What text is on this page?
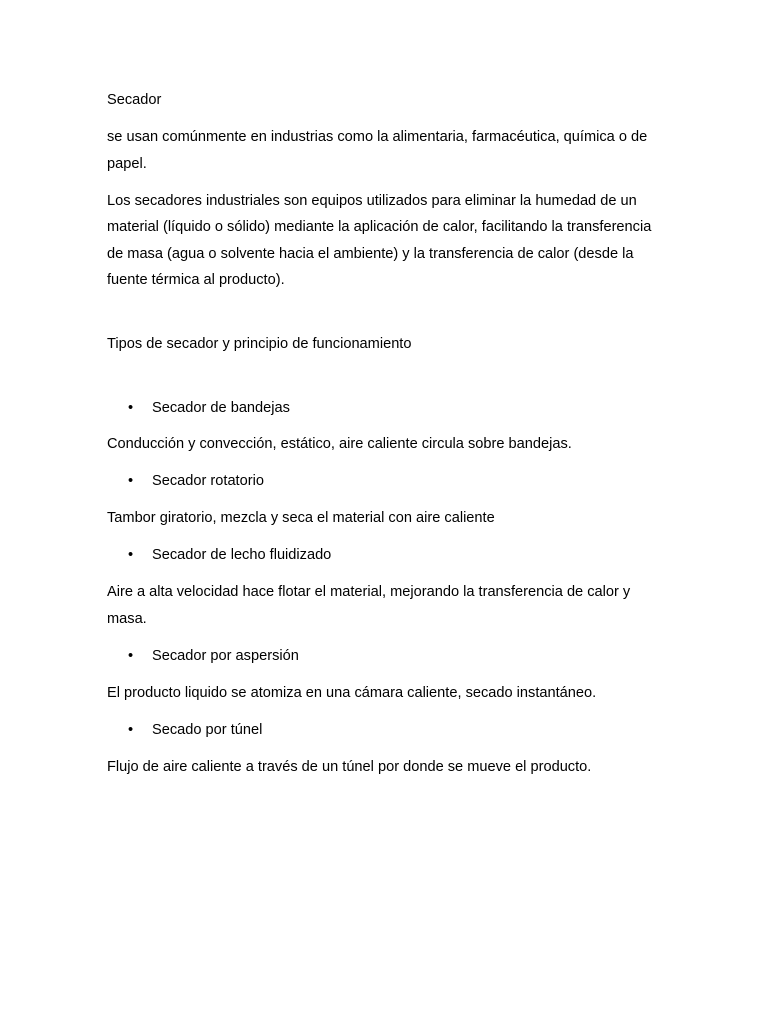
Secador

se usan comúnmente en industrias como la alimentaria, farmacéutica, química o de papel.

Los secadores industriales son equipos utilizados para eliminar la humedad de un material (líquido o sólido) mediante la aplicación de calor, facilitando la transferencia de masa (agua o solvente hacia el ambiente) y la transferencia de calor (desde la fuente térmica al producto).

Tipos de secador y principio de funcionamiento

• Secador de bandejas

Conducción y convección, estático, aire caliente circula sobre bandejas.

• Secador rotatorio

Tambor giratorio, mezcla y seca el material con aire caliente

• Secador de lecho fluidizado

Aire a alta velocidad hace flotar el material, mejorando la transferencia de calor y masa.

• Secador por aspersión

El producto liquido se atomiza en una cámara caliente, secado instantáneo.

• Secado por túnel

Flujo de aire caliente a través de un túnel por donde se mueve el producto.
